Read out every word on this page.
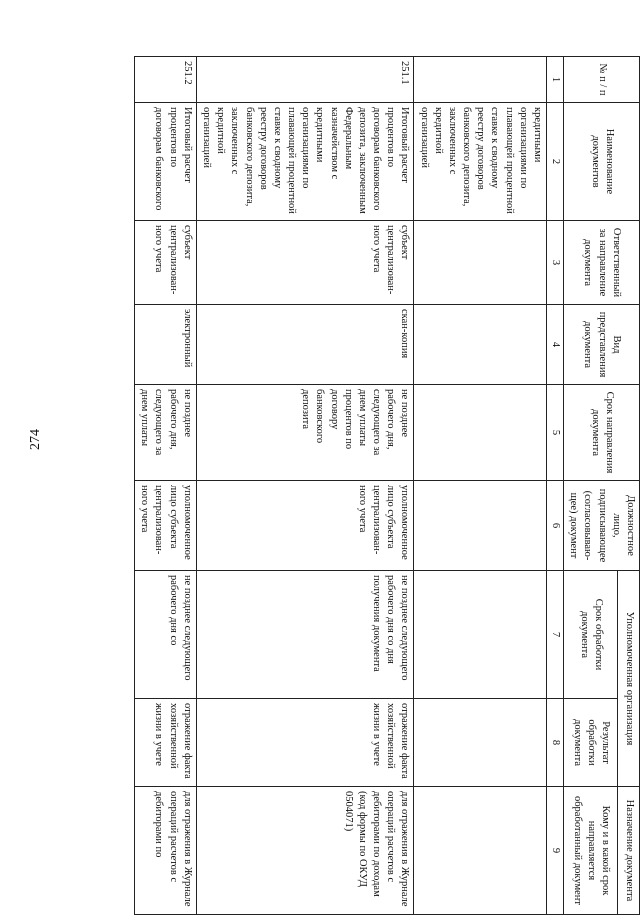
274
№ п / п	Наименование документов	Ответственный за направление документа	Вид представления документа	Срок направления документа	Должностное лицо, подписывающее (согласовываю- щее) документ	Уполномоченная организация		Назначение документа
						Срок обработки документа	Результат обработки документа	Кому и в какой срок направляется обработанный документ
1	2	3	4	5	6	7	8	9
	кредитными организациями по плавающей процентной ставке к сводному реестру договоров банковского депозита, заключенных с кредитной организацией							
251.1	Итоговый расчет процентов по договорам банковского депозита, заключенным Федеральным казначейством с кредитными организациями по плавающей процентной ставке к сводному реестру договоров банковского депозита, заключенных с кредитной организацией	субъект централизован- ного учета	скан-копия	не позднее рабочего дня, следующего за днем уплаты процентов по договору банковского депозита	уполномоченное лицо субъекта централизован- ного учета	не позднее следующего рабочего дня со дня получения документа	отражение факта хозяйственной жизни в учете	для отражения в Журнале операций расчетов с дебиторами по доходам (код формы по ОКУД 0504071)
251.2	Итоговый расчет процентов по договорам банковского	субъект централизован- ного учета	электронный	не позднее рабочего дня, следующего за днем уплаты	уполномоченное лицо субъекта централизован- ного учета	не позднее следующего рабочего дня со	отражение факта хозяйственной жизни в учете	для отражения в Журнале операций расчетов с дебиторами по
